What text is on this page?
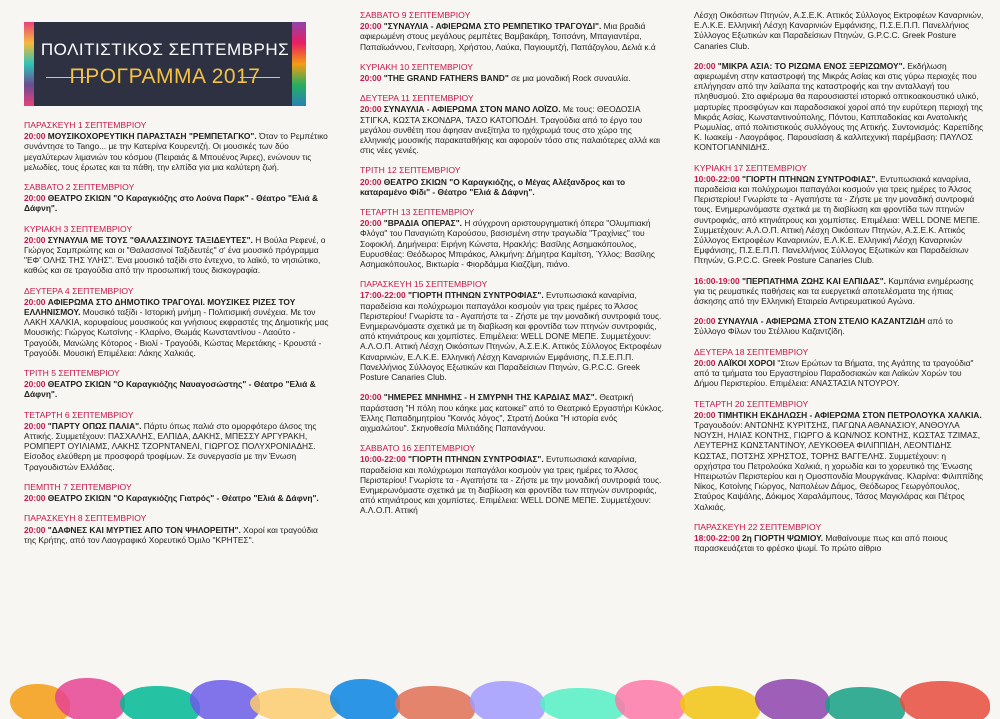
ΠΟΛΙΤΙΣΤΙΚΟΣ ΣΕΠΤΕΜΒΡΗΣ
ΠΡΟΓΡΑΜΜΑ 2017
ΠΑΡΑΣΚΕΥΗ 1 ΣΕΠΤΕΜΒΡΙΟΥ
20:00 ΜΟΥΣΙΚΟΧΟΡΕΥΤΙΚΗ ΠΑΡΑΣΤΑΣΗ "ΡΕΜΠΕΤΑΓΚΟ". Όταν το Ρεμπέτικο συνάντησε το Tango... με την Κατερίνα Κουρεντζή. Οι μουσικές των δύο μεγαλύτερων λιμανιών του κόσμου (Πειραιάς & Μπουένος Άιρες), ενώνουν τις μελωδίες, τους έρωτες και τα πάθη, την ελπίδα για μια καλύτερη ζωή.
ΣΑΒΒΑΤΟ 2 ΣΕΠΤΕΜΒΡΙΟΥ
20:00 ΘΕΑΤΡΟ ΣΚΙΩΝ "Ο Καραγκιόζης στο Λούνα Παρκ" - Θέατρο "Ελιά & Δάφνη".
ΚΥΡΙΑΚΗ 3 ΣΕΠΤΕΜΒΡΙΟΥ
20:00 ΣΥΝΑΥΛΙΑ ΜΕ ΤΟΥΣ "ΘΑΛΑΣΣΙΝΟΥΣ ΤΑΞΙΔΕΥΤΕΣ". Η Βούλα Ρεφενέ, ο Γιώργος Σαμπριώτης και οι "Θαλασσινοί Ταξιδευτές" σ' ένα μουσικό πρόγραμμα "ΕΦ' ΟΛΗΣ ΤΗΣ ΥΛΗΣ". Ένα μουσικό ταξίδι στο έντεχνο, το λαϊκό, το νησιώτικο, καθώς και σε τραγούδια από την προσωπική τους δισκογραφία.
ΔΕΥΤΕΡΑ 4 ΣΕΠΤΕΜΒΡΙΟΥ
20:00 ΑΦΙΕΡΩΜΑ ΣΤΟ ΔΗΜΟΤΙΚΟ ΤΡΑΓΟΥΔΙ. ΜΟΥΣΙΚΕΣ ΡΙΖΕΣ ΤΟΥ ΕΛΛΗΝΙΣΜΟΥ. Μουσικό ταξίδι - Ιστορική μνήμη - Πολιτισμική συνέχεια. Με τον ΛΑΚΗ ΧΑΛΚΙΑ, κορυφαίους μουσικούς και γνήσιους εκφραστές της Δημοτικής μας Μουσικής: Γιώργος Κωτσίνης - Κλαρίνο, Θωμάς Κωνσταντίνου - Λαούτο - Τραγούδι, Μανώλης Κότορος - Βιολί - Τραγούδι, Κώστας Μερετάκης - Κρουστά - Τραγούδι. Μουσική Επιμέλεια: Λάκης Χαλκιάς.
ΤΡΙΤΗ 5 ΣΕΠΤΕΜΒΡΙΟΥ
20:00 ΘΕΑΤΡΟ ΣΚΙΩΝ "Ο Καραγκιόζης Ναυαγοσώστης" - Θέατρο "Ελιά & Δάφνη".
ΤΕΤΑΡΤΗ 6 ΣΕΠΤΕΜΒΡΙΟΥ
20:00 "ΠΑΡΤΥ ΟΠΩΣ ΠΑΛΙΑ". Πάρτυ όπως παλιά στο ομορφότερο άλσος της Αττικής. Συμμετέχουν: ΠΑΣΧΑΛΗΣ, ΕΛΠΙΔΑ, ΔΑΚΗΣ, ΜΠΕΣΣΥ ΑΡΓΥΡΑΚΗ, ΡΟΜΠΕΡΤ ΟΥΙΛΙΑΜΣ, ΛΑΚΗΣ ΤΖΟΡΝΤΑΝΕΛΙ, ΓΙΩΡΓΟΣ ΠΟΛΥΧΡΟΝΙΑΔΗΣ. Είσοδος ελεύθερη με προσφορά τροφίμων. Σε συνεργασία με την Ένωση Τραγουδιστών Ελλάδας.
ΠΕΜΠΤΗ 7 ΣΕΠΤΕΜΒΡΙΟΥ
20:00 ΘΕΑΤΡΟ ΣΚΙΩΝ "Ο Καραγκιόζης Γιατρός" - Θέατρο "Ελιά & Δάφνη".
ΠΑΡΑΣΚΕΥΗ 8 ΣΕΠΤΕΜΒΡΙΟΥ
20:00 "ΔΑΦΝΕΣ ΚΑΙ ΜΥΡΤΙΕΣ ΑΠΟ ΤΟΝ ΨΗΛΟΡΕΙΤΗ". Χοροί και τραγούδια της Κρήτης, από τον Λαογραφικό Χορευτικό Όμιλο "ΚΡΗΤΕΣ".
ΣΑΒΒΑΤΟ 9 ΣΕΠΤΕΜΒΡΙΟΥ
20:00 "ΣΥΝΑΥΛΙΑ - ΑΦΙΕΡΩΜΑ ΣΤΟ ΡΕΜΠΕΤΙΚΟ ΤΡΑΓΟΥΔΙ". Μια βραδιά αφιερωμένη στους μεγάλους ρεμπέτες Βαμβακάρη, Τσιτσάνη, Μπαγιαντέρα, Παπαϊωάννου, Γενίτσαρη, Χρήστου, Λαύκα, Παγιουμτζή, Παπάζογλου, Δελιά κ.ά
ΚΥΡΙΑΚΗ 10 ΣΕΠΤΕΜΒΡΙΟΥ
20:00 "THE GRAND FATHERS BAND" σε μια μοναδική Rock συναυλία.
ΔΕΥΤΕΡΑ 11 ΣΕΠΤΕΜΒΡΙΟΥ
20:00 ΣΥΝΑΥΛΙΑ - ΑΦΙΕΡΩΜΑ ΣΤΟΝ ΜΑΝΟ ΛΟΪΖΟ. Με τους: ΘΕΟΔΟΣΙΑ ΣΤΙΓΚΑ, ΚΩΣΤΑ ΣΚΟΝΔΡΑ, ΤΑΣΟ ΚΑΤΟΠΟΔΗ. Τραγούδια από το έργο του μεγάλου συνθέτη που άφησαν ανεξίτηλα το ηχόχρωμά τους στο χώρο της ελληνικής μουσικής παρακαταθήκης και αφορούν τόσο στις παλαιότερες αλλά και στις νέες γενιές.
ΤΡΙΤΗ 12 ΣΕΠΤΕΜΒΡΙΟΥ
20:00 ΘΕΑΤΡΟ ΣΚΙΩΝ "Ο Καραγκιόζης, ο Μέγας Αλέξανδρος και το καταραμένο Φίδι" - Θέατρο "Ελιά & Δάφνη".
ΤΕΤΑΡΤΗ 13 ΣΕΠΤΕΜΒΡΙΟΥ
20:00 "ΒΡΑΔΙΑ ΟΠΕΡΑΣ". Η σύγχρονη αριστουργηματική όπερα "Ολυμπιακή Φλόγα" του Παναγιώτη Καρούσου, βασισμένη στην τραγωδία "Τραχίνιες" του Σοφοκλή. Δημήνειρα: Ειρήνη Κώνστα, Ηρακλής: Βασίλης Ασημακόπουλος, Ευρυσθέας: Θεόδωρος Μπιράκος, Αλκμήνη: Δήμητρα Καμίτση, Ύλλος: Βασίλης Ασημακόπουλος, Βικτωρία - Φιορδάμμα Κιαζζίμη, πιάνο.
ΠΑΡΑΣΚΕΥΗ 15 ΣΕΠΤΕΜΒΡΙΟΥ
17:00-22:00 "ΓΙΟΡΤΗ ΠΤΗΝΩΝ ΣΥΝΤΡΟΦΙΑΣ". Εντυπωσιακά καναρίνια, παραδείσια και πολύχρωμοι παπαγάλοι κοσμούν για τρεις ημέρες το Άλσος Περιστερίου! Γνωρίστε τα - Αγαπήστε τα - Ζήστε με την μοναδική συντροφιά τους. Ενημερωνόμαστε σχετικά με τη διαβίωση και φροντίδα των πτηνών συντροφιάς, από κτηνιάτρους και χομπίστες. Επιμέλεια: WELL DONE ΜΕΠΕ. Συμμετέχουν: Α.Λ.Ο.Π. Αττική Λέσχη Οικόσιτων Πτηνών, Α.Σ.Ε.Κ. Αττικός Σύλλογος Εκτροφέων Καναρινιών, Ε.Λ.Κ.Ε. Ελληνική Λέσχη Καναρινιών Εμφάνισης, Π.Σ.Ε.Π.Π. Πανελλήνιος Σύλλογος Εξωτικών και Παραδείσιων Πτηνών, G.P.C.C. Greek Posture Canaries Club.
20:00 "ΗΜΕΡΕΣ ΜΝΗΜΗΣ - Η ΣΜΥΡΝΗ ΤΗΣ ΚΑΡΔΙΑΣ ΜΑΣ". Θεατρική παράσταση "Η πόλη που κάηκε μας κατοικεί" από το Θεατρικό Εργαστήρι Κύκλος. Έλλης Παπαδημητρίου "Κοινός λόγος", Στρατή Δούκα "Η ιστορία ενός αιχμαλώτου". Σκηνοθεσία Μιλτιάδης Παπανάγνου.
ΣΑΒΒΑΤΟ 16 ΣΕΠΤΕΜΒΡΙΟΥ
10:00-22:00 "ΓΙΟΡΤΗ ΠΤΗΝΩΝ ΣΥΝΤΡΟΦΙΑΣ". Εντυπωσιακά καναρίνια, παραδείσια και πολύχρωμοι παπαγάλοι κοσμούν για τρεις ημέρες το Άλσος Περιστερίου! Γνωρίστε τα - Αγαπήστε τα - Ζήστε με την μοναδική συντροφιά τους. Ενημερωνόμαστε σχετικά με τη διαβίωση και φροντίδα των πτηνών συντροφιάς, από κτηνιάτρους και χομπίστες. Επιμέλεια: WELL DONE ΜΕΠΕ. Συμμετέχουν: Α.Λ.Ο.Π. Αττική
Λέσχη Οικόσιτων Πτηνών, Α.Σ.Ε.Κ. Αττικός Σύλλογος Εκτροφέων Καναρινιών, Ε.Λ.Κ.Ε. Ελληνική Λέσχη Καναρινιών Εμφάνισης, Π.Σ.Ε.Π.Π. Πανελλήνιος Σύλλογος Εξωτικών και Παραδείσιων Πτηνών, G.P.C.C. Greek Posture Canaries Club.
20:00 "ΜΙΚΡΑ ΑΣΙΑ: ΤΟ ΡΙΖΩΜΑ ΕΝΟΣ ΞΕΡΙΖΩΜΟΥ". Εκδήλωση αφιερωμένη στην καταστροφή της Μικράς Ασίας και στις γύρω περιοχές που επλήγησαν από την λαίλαπα της καταστροφής και την ανταλλαγή του πληθυσμού. Στο αφιέρωμα θα παρουσιαστεί ιστορικό οπτικοακουστικό υλικό, μαρτυρίες προσφύγων και παραδοσιακοί χοροί από την ευρύτερη περιοχή της Μικράς Ασίας, Κωνσταντινούπολης, Πόντου, Καππαδοκίας και Ανατολικής Ρωμυλίας, από πολιτιστικούς συλλόγους της Αττικής. Συντονισμός: Καρεπίδης Κ. Ιωακείμ - Λαογράφος. Παρουσίαση & καλλιτεχνική παρέμβαση: ΠΑΥΛΟΣ ΚΟΝΤΟΓΙΑΝΝΙΔΗΣ.
ΚΥΡΙΑΚΗ 17 ΣΕΠΤΕΜΒΡΙΟΥ
10:00-22:00 "ΓΙΟΡΤΗ ΠΤΗΝΩΝ ΣΥΝΤΡΟΦΙΑΣ". Εντυπωσιακά καναρίνια, παραδείσια και πολύχρωμοι παπαγάλοι κοσμούν για τρεις ημέρες το Άλσος Περιστερίου! Γνωρίστε τα - Αγαπήστε τα - Ζήστε με την μοναδική συντροφιά τους. Ενημερωνόμαστε σχετικά με τη διαβίωση και φροντίδα των πτηνών συντροφιάς, από κτηνιάτρους και χομπίστες. Επιμέλεια: WELL DONE ΜΕΠΕ. Συμμετέχουν: Α.Λ.Ο.Π. Αττική Λέσχη Οικόσιτων Πτηνών, Α.Σ.Ε.Κ. Αττικός Σύλλογος Εκτροφέων Καναρινιών, Ε.Λ.Κ.Ε. Ελληνική Λέσχη Καναρινιών Εμφάνισης, Π.Σ.Ε.Π.Π. Πανελλήνιος Σύλλογος Εξωτικών και Παραδείσιων Πτηνών, G.P.C.C. Greek Posture Canaries Club.
16:00-19:00 "ΠΕΡΠΑΤΗΜΑ ΖΩΗΣ ΚΑΙ ΕΛΠΙΔΑΣ". Καμπάνια ενημέρωσης για τις ρευματικές παθήσεις και τα ευεργετικά αποτελέσματα της ήπιας άσκησης από την Ελληνική Εταιρεία Αντιρευματικού Αγώνα.
20:00 ΣΥΝΑΥΛΙΑ - ΑΦΙΕΡΩΜΑ ΣΤΟΝ ΣΤΕΛΙΟ ΚΑΖΑΝΤΖΙΔΗ από το Σύλλογο Φίλων του Στέλλιου Καζαντζίδη.
ΔΕΥΤΕΡΑ 18 ΣΕΠΤΕΜΒΡΙΟΥ
20:00 ΛΑΪΚΟΙ ΧΟΡΟΙ "Στων Ερώτων τα Βήματα, της Αγάπης τα τραγούδια" από τα τμήματα του Εργαστηρίου Παραδοσιακών και Λαϊκών Χορών του Δήμου Περιστερίου. Επιμέλεια: ΑΝΑΣΤΑΣΙΑ ΝΤΟΥΡΟΥ.
ΤΕΤΑΡΤΗ 20 ΣΕΠΤΕΜΒΡΙΟΥ
20:00 ΤΙΜΗΤΙΚΗ ΕΚΔΗΛΩΣΗ - ΑΦΙΕΡΩΜΑ ΣΤΟΝ ΠΕΤΡΟΛΟΥΚΑ ΧΑΛΚΙΑ. Τραγουδούν: ΑΝΤΩΝΗΣ ΚΥΡΙΤΣΗΣ, ΠΑΓΩΝΑ ΑΘΑΝΑΣΙΟΥ, ΑΝΘΟΥΛΑ ΝΟΥΣΗ, ΗΛΙΑΣ ΚΟΝΤΗΣ, ΓΙΩΡΓΟ & ΚΩΝ/ΝΟΣ ΚΟΝΤΗΣ, ΚΩΣΤΑΣ ΤΖΙΜΑΣ, ΛΕΥΤΕΡΗΣ ΚΩΝΣΤΑΝΤΙΝΟΥ, ΛΕΥΚΟΘΕΑ ΦΙΛΙΠΠΙΔΗ, ΛΕΟΝΤΙΔΗΣ ΚΩΣΤΑΣ, ΠΟΤΣΗΣ ΧΡΗΣΤΟΣ, ΤΟΡΗΣ ΒΑΓΓΕΛΗΣ. Συμμετέχουν: η ορχήστρα του Πετρολούκα Χαλκιά, η χορωδία και το χορευτικό της Ένωσης Ηπειρωτών Περιστερίου και η Ομοσπονδία Μουργκάνας. Κλαρίνα: Φιλιππίδης Νίκος, Κοτοίνης Γιώργος, Ναπολέων Δάμος, Θεόδωρος Γεωργόπουλος, Σταύρος Καψάλης, Δόκιμος Χαραλάμπους, Τάσος Μαγκλάρας και Πέτρος Χαλκιάς.
ΠΑΡΑΣΚΕΥΗ 22 ΣΕΠΤΕΜΒΡΙΟΥ
18:00-22:00 2η ΓΙΟΡΤΗ ΨΩΜΙΟΥ. Μαθαίνουμε πως και από ποιους παρασκευάζεται το φρέσκο ψωμί. Το πρώτο αίθριο
